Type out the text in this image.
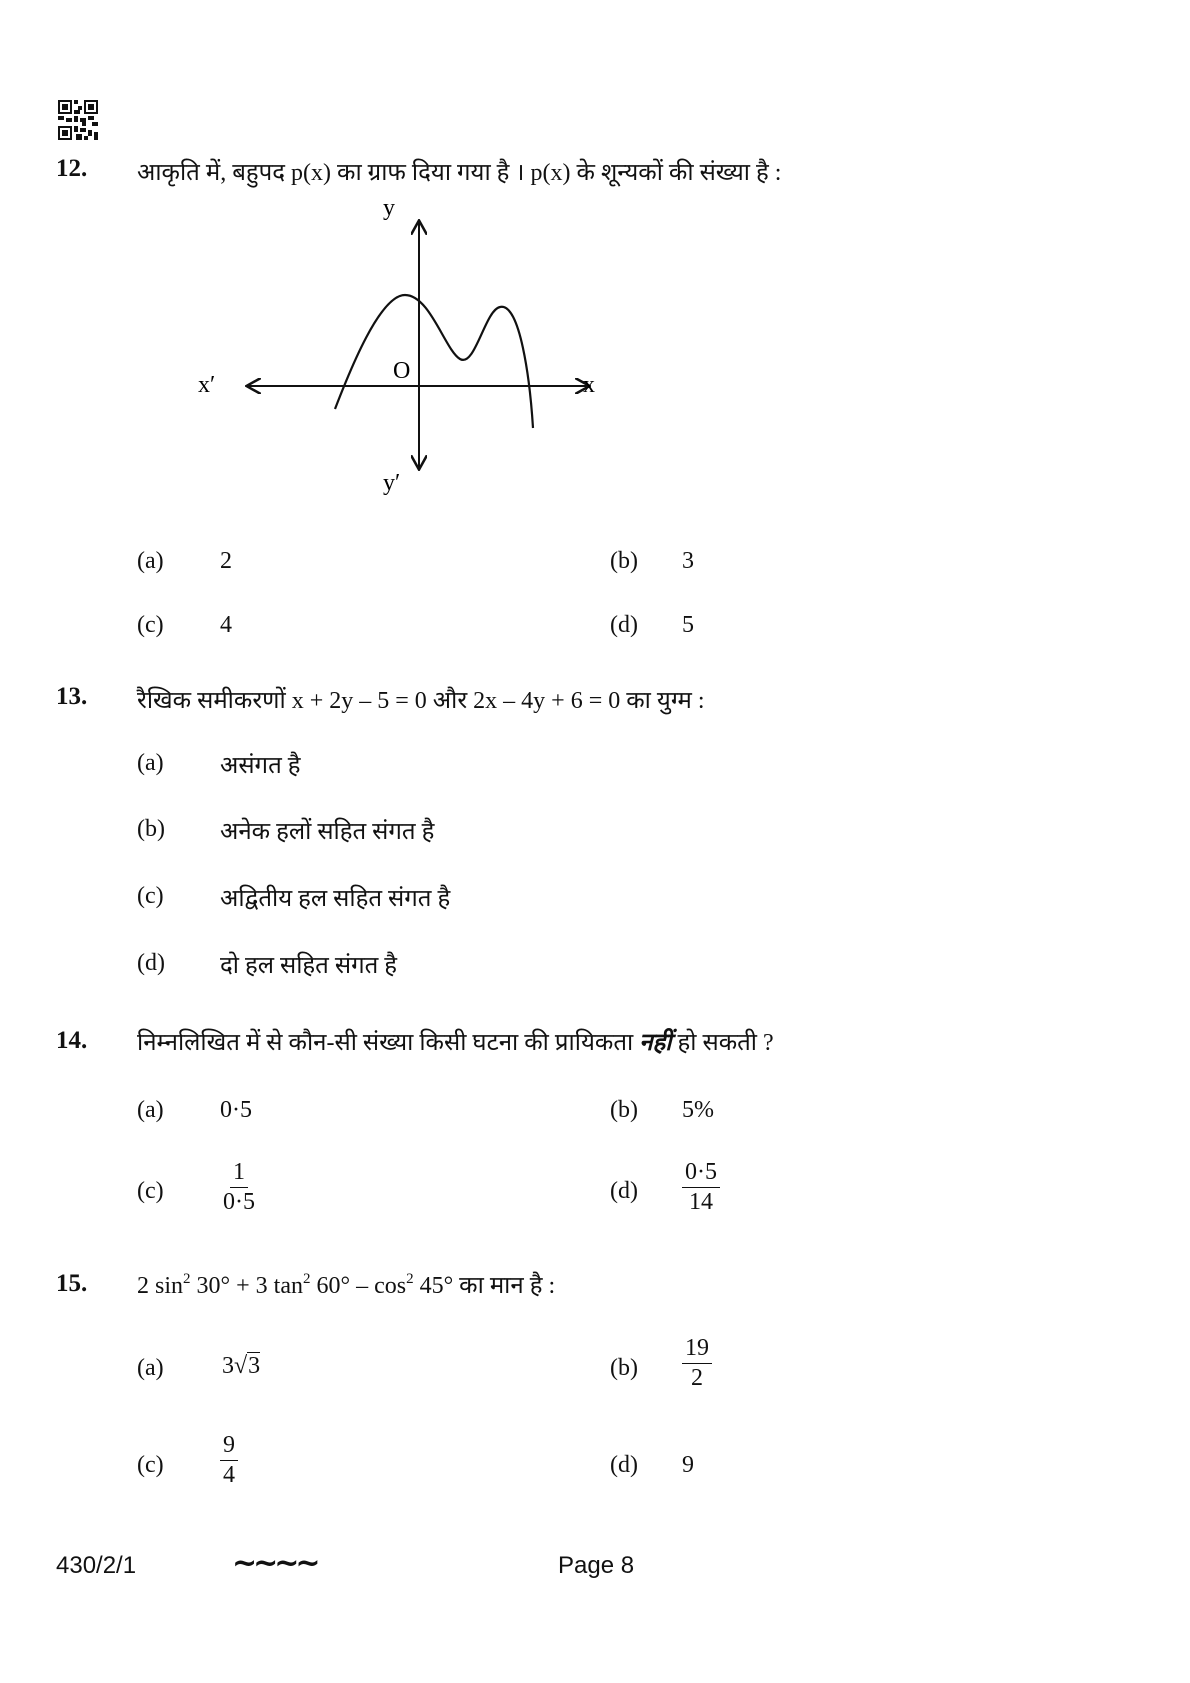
12. आकृति में, बहुपद p(x) का ग्राफ दिया गया है । p(x) के शून्यकों की संख्या है :
y
y′
x
x′
O
(a) 2	(b) 3
(c) 4	(d) 5
13. रैखिक समीकरणों x + 2y – 5 = 0 और 2x – 4y + 6 = 0 का युग्म :
(a) असंगत है
(b) अनेक हलों सहित संगत है
(c) अद्वितीय हल सहित संगत है
(d) दो हल सहित संगत है
14. निम्नलिखित में से कौन-सी संख्या किसी घटना की प्रायिकता नहीं हो सकती ?
(a) 0·5	(b) 5%
$(c) \frac{1}{0\cdot 5}$	$(d) \frac{0\cdot 5}{14}$
15. 2 $\sin^2 30^\circ + 3$ $\tan^2 60^\circ - \cos^2 45^\circ$ का मान है :
(a) 3√3	$(b) \frac{19}{2}$
$(c) \frac{9}{4}$	(d) 9
430/2/1	~~~~	Page 8
